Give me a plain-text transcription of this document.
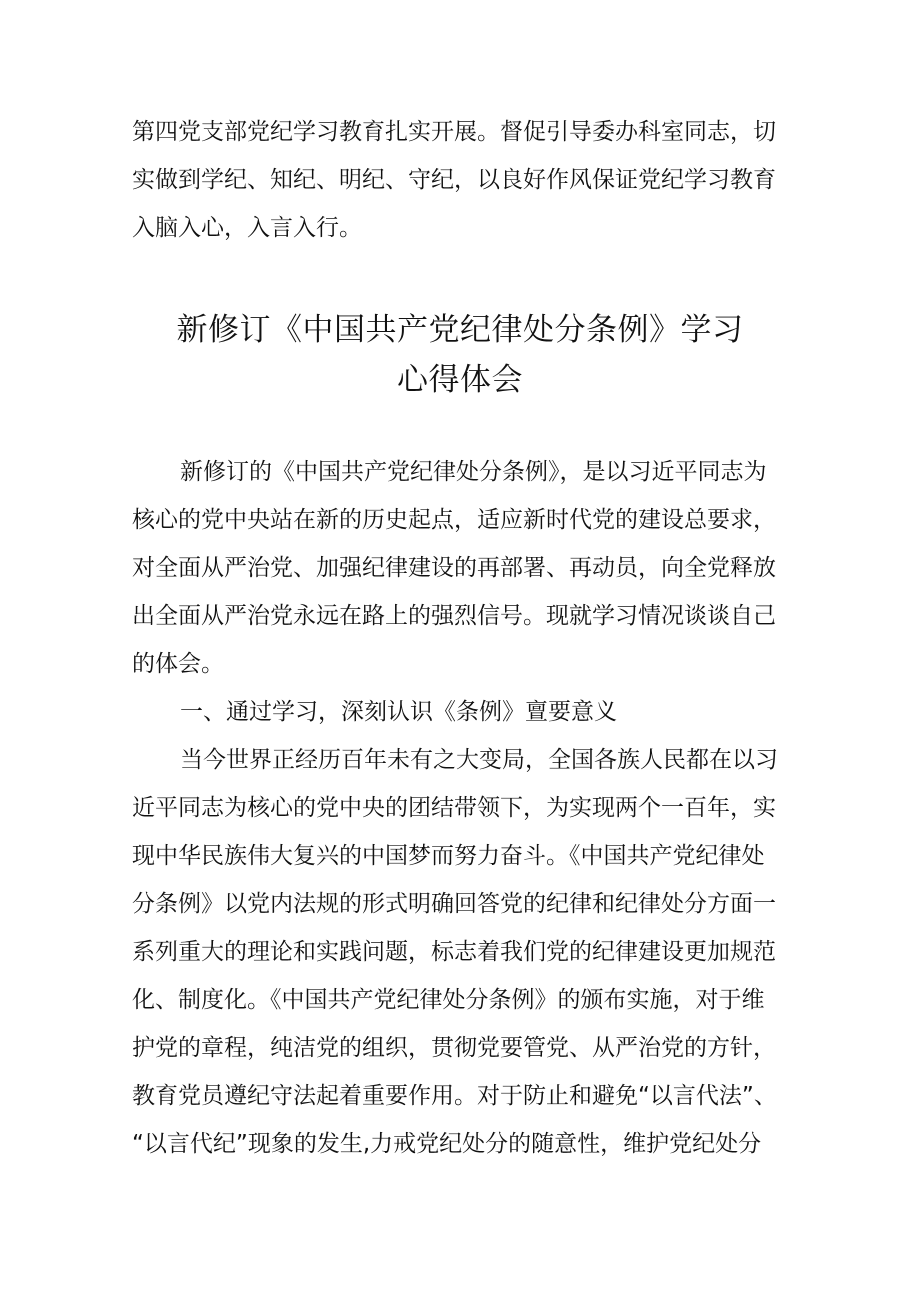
第四党支部党纪学习教育扎实开展。督促引导委办科室同志，切

实做到学纪、知纪、明纪、守纪，以良好作风保证党纪学习教育

入脑入心，入言入行。

新修订《中国共产党纪律处分条例》学习

心得体会

新修订的《中国共产党纪律处分条例》，是以习近平同志为

核心的党中央站在新的历史起点，适应新时代党的建设总要求，

对全面从严治党、加强纪律建设的再部署、再动员，向全党释放

出全面从严治党永远在路上的强烈信号。现就学习情况谈谈自己

的体会。

一、通过学习，深刻认识《条例》亶要意义

当今世界正经历百年未有之大变局，全国各族人民都在以习

近平同志为核心的党中央的团结带领下，为实现两个一百年，实

现中华民族伟大复兴的中国梦而努力奋斗。《中国共产党纪律处

分条例》以党内法规的形式明确回答党的纪律和纪律处分方面一

系列重大的理论和实践问题，标志着我们党的纪律建设更加规范

化、制度化。《中国共产党纪律处分条例》的颁布实施，对于维

护党的章程，纯洁党的组织，贯彻党要管党、从严治党的方针，

教育党员遵纪守法起着重要作用。对于防止和避免“以言代法”、

“以言代纪”现象的发生,力戒党纪处分的随意性，维护党纪处分
